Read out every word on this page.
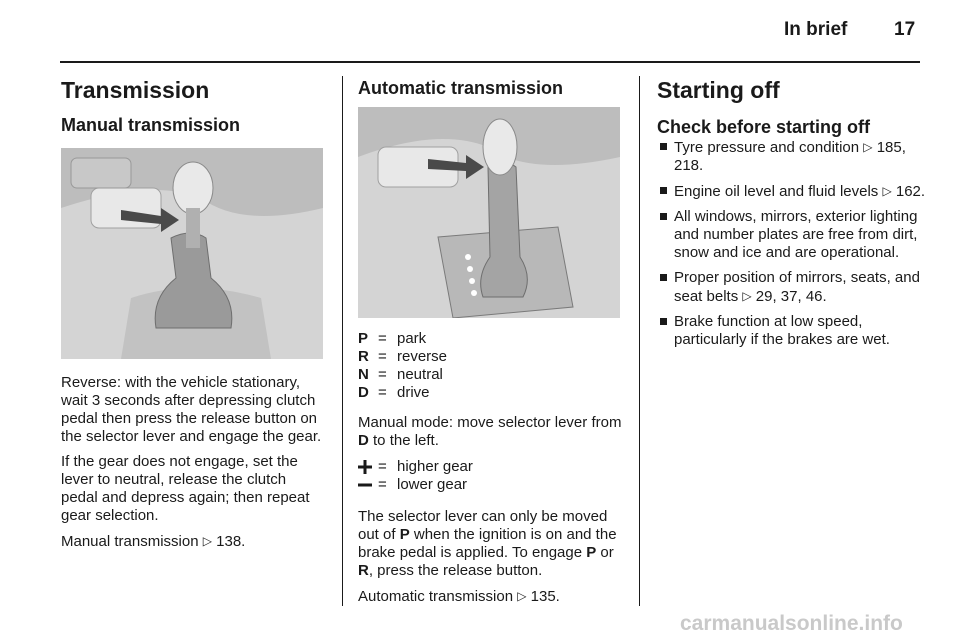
In brief 17
Transmission
Manual transmission

Reverse: with the vehicle stationary, wait 3 seconds after depressing clutch pedal then press the release button on the selector lever and engage the gear.

If the gear does not engage, set the lever to neutral, release the clutch pedal and depress again; then repeat gear selection.

Manual transmission ▷ 138.

Automatic transmission
P = park
R = reverse
N = neutral
D = drive

Manual mode: move selector lever from D to the left.

= higher gear
= lower gear

The selector lever can only be moved out of P when the ignition is on and the brake pedal is applied. To engage P or R, press the release button.

Automatic transmission ▷ 135.

Starting off
Check before starting off
Tyre pressure and condition ▷ 185, 218.
Engine oil level and fluid levels ▷ 162.
All windows, mirrors, exterior lighting and number plates are free from dirt, snow and ice and are operational.
Proper position of mirrors, seats, and seat belts ▷ 29, 37, 46.
Brake function at low speed, particularly if the brakes are wet.
carmanualsonline.info
